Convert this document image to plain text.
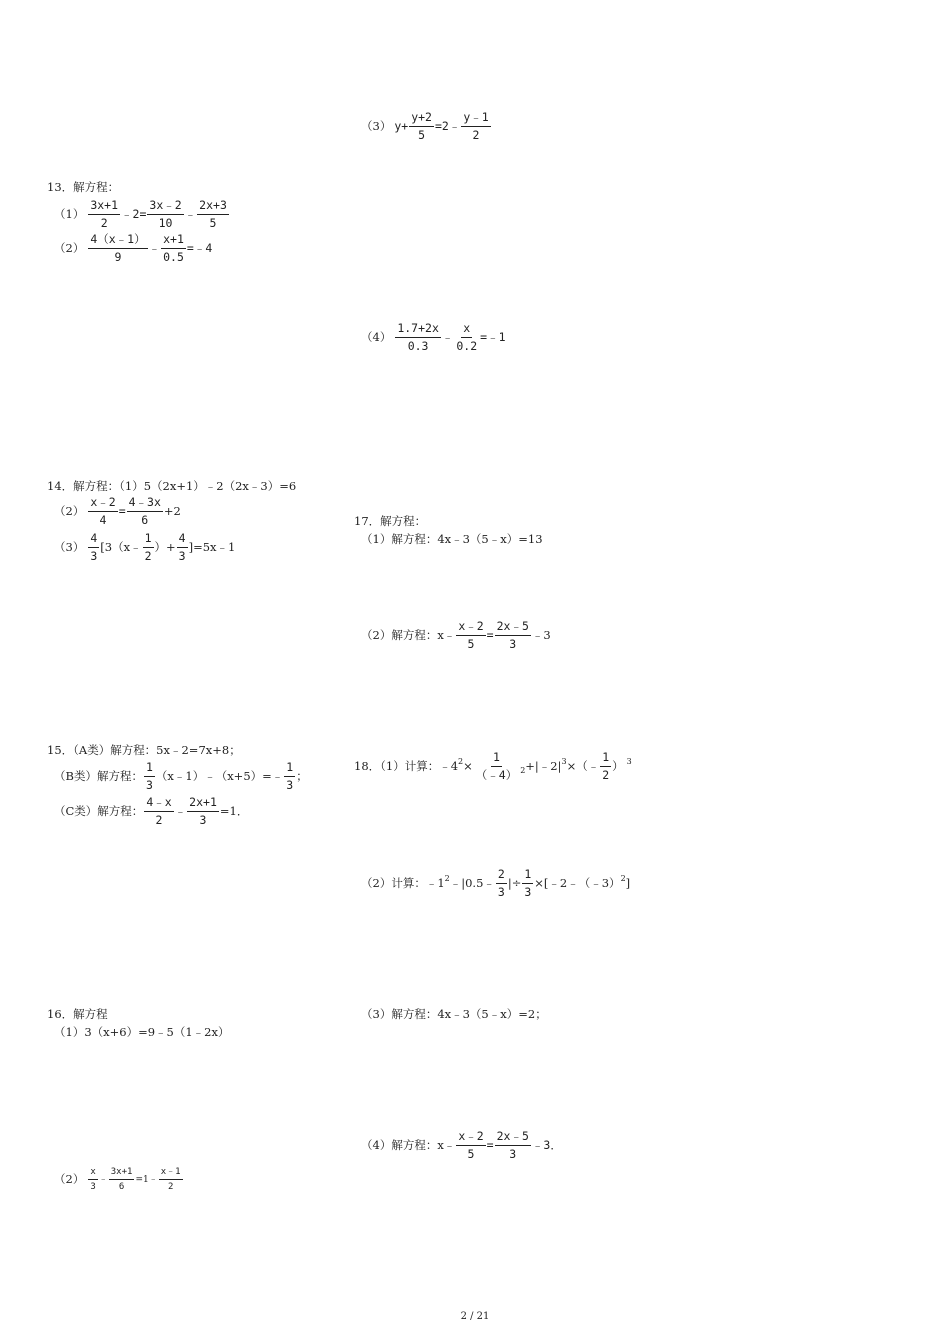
（3） $y+ \frac{y+2}{5}$ =2﹣ $\frac{y﹣1}{2}$
13．解方程：
$(1) \frac{3x+1}{2}$ ﹣2= $\frac{3x﹣2}{10}$ ﹣ $\frac{2x+3}{5}$
$(2) \frac{4(x﹣1)}{9}$ ﹣ $\frac{x+1}{0.5}$ =﹣4
$(4) \frac{1.7+2x}{0.3}$ ﹣ $\frac{x}{0.2}$ =﹣1
14．解方程：（1）5（2x+1）﹣2（2x﹣3）=6
$(2) \frac{x﹣2}{4} = \frac{4﹣3x}{6} +2$
$(3) \frac{4}{3}$ [3（x﹣ $\frac{1}{2}$ ）+ $\frac{4}{3}$ ]=5x﹣1
17．解方程：
（1）解方程：4x﹣3（5﹣x）=13
（2）解方程：x﹣ $\frac{x﹣2}{5} = \frac{2x﹣5}{3}$ ﹣3
15．（A类）解方程：5x﹣2=7x+8；
（B类）解方程： $\frac{1}{3}$ （x﹣1）﹣（x+5）=﹣ $\frac{1}{3}$ ；
（C类）解方程： $\frac{4﹣x}{2}$ ﹣ $\frac{2x+1}{3} =1$．
18．（1）计算：﹣4 $2 \times \frac{1}{(﹣4)} 2$ +|﹣2| 3 ×（﹣ $\frac{1}{2}$ ） 3
（2）计算：﹣1 2 ﹣|0.5﹣ $\frac{2}{3}$ |÷ $\frac{1}{3}$ ×[﹣2﹣（﹣3） 2 ]
16．解方程
（1）3（x+6）=9﹣5（1﹣2x）
$(2) \frac{x}{3}$ ﹣ $\frac{3x+1}{6}$ =1﹣ $\frac{x﹣1}{2}$
（3）解方程：4x﹣3（5﹣x）=2；
（4）解方程：x﹣ $\frac{x﹣2}{5} = \frac{2x﹣5}{3}$ ﹣3．
2 / 21
